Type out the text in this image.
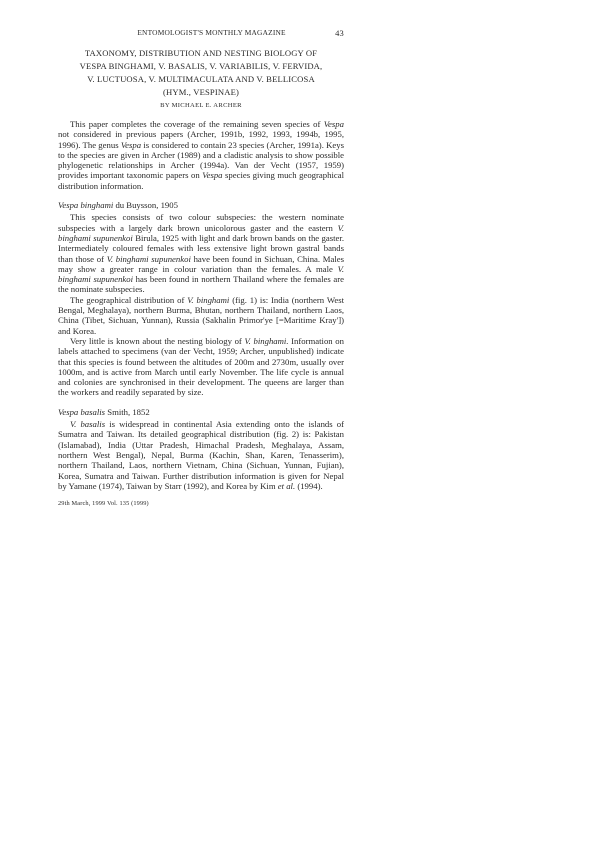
ENTOMOLOGIST'S MONTHLY MAGAZINE	43
TAXONOMY, DISTRIBUTION AND NESTING BIOLOGY OF
VESPA BINGHAMI, V. BASALIS, V. VARIABILIS, V. FERVIDA,
V. LUCTUOSA, V. MULTIMACULATA AND V. BELLICOSA
(HYM., VESPINAE)
BY MICHAEL E. ARCHER

This paper completes the coverage of the remaining seven species of Vespa not considered in previous papers (Archer, 1991b, 1992, 1993, 1994b, 1995, 1996). The genus Vespa is considered to contain 23 species (Archer, 1991a). Keys to the species are given in Archer (1989) and a cladistic analysis to show possible phylogenetic relationships in Archer (1994a). Van der Vecht (1957, 1959) provides important taxonomic papers on Vespa species giving much geographical distribution information.

Vespa binghami du Buysson, 1905

This species consists of two colour subspecies: the western nominate subspecies with a largely dark brown unicolorous gaster and the eastern V. binghami supunenkoi Birula, 1925 with light and dark brown bands on the gaster. Intermediately coloured females with less extensive light brown gastral bands than those of V. binghami supunenkoi have been found in Sichuan, China. Males may show a greater range in colour variation than the females. A male V. binghami supunenkoi has been found in northern Thailand where the females are the nominate subspecies.

The geographical distribution of V. binghami (fig. 1) is: India (northern West Bengal, Meghalaya), northern Burma, Bhutan, northern Thailand, northern Laos, China (Tibet, Sichuan, Yunnan), Russia (Sakhalin Primor'ye [=Maritime Kray']) and Korea.

Very little is known about the nesting biology of V. binghami. Information on labels attached to specimens (van der Vecht, 1959; Archer, unpublished) indicate that this species is found between the altitudes of 200m and 2730m, usually over 1000m, and is active from March until early November. The life cycle is annual and colonies are synchronised in their development. The queens are larger than the workers and readily separated by size.

Vespa basalis Smith, 1852

V. basalis is widespread in continental Asia extending onto the islands of Sumatra and Taiwan. Its detailed geographical distribution (fig. 2) is: Pakistan (Islamabad), India (Uttar Pradesh, Himachal Pradesh, Meghalaya, Assam, northern West Bengal), Nepal, Burma (Kachin, Shan, Karen, Tenasserim), northern Thailand, Laos, northern Vietnam, China (Sichuan, Yunnan, Fujian), Korea, Sumatra and Taiwan. Further distribution information is given for Nepal by Yamane (1974), Taiwan by Starr (1992), and Korea by Kim et al. (1994).

29th March, 1999 Vol. 135 (1999)
